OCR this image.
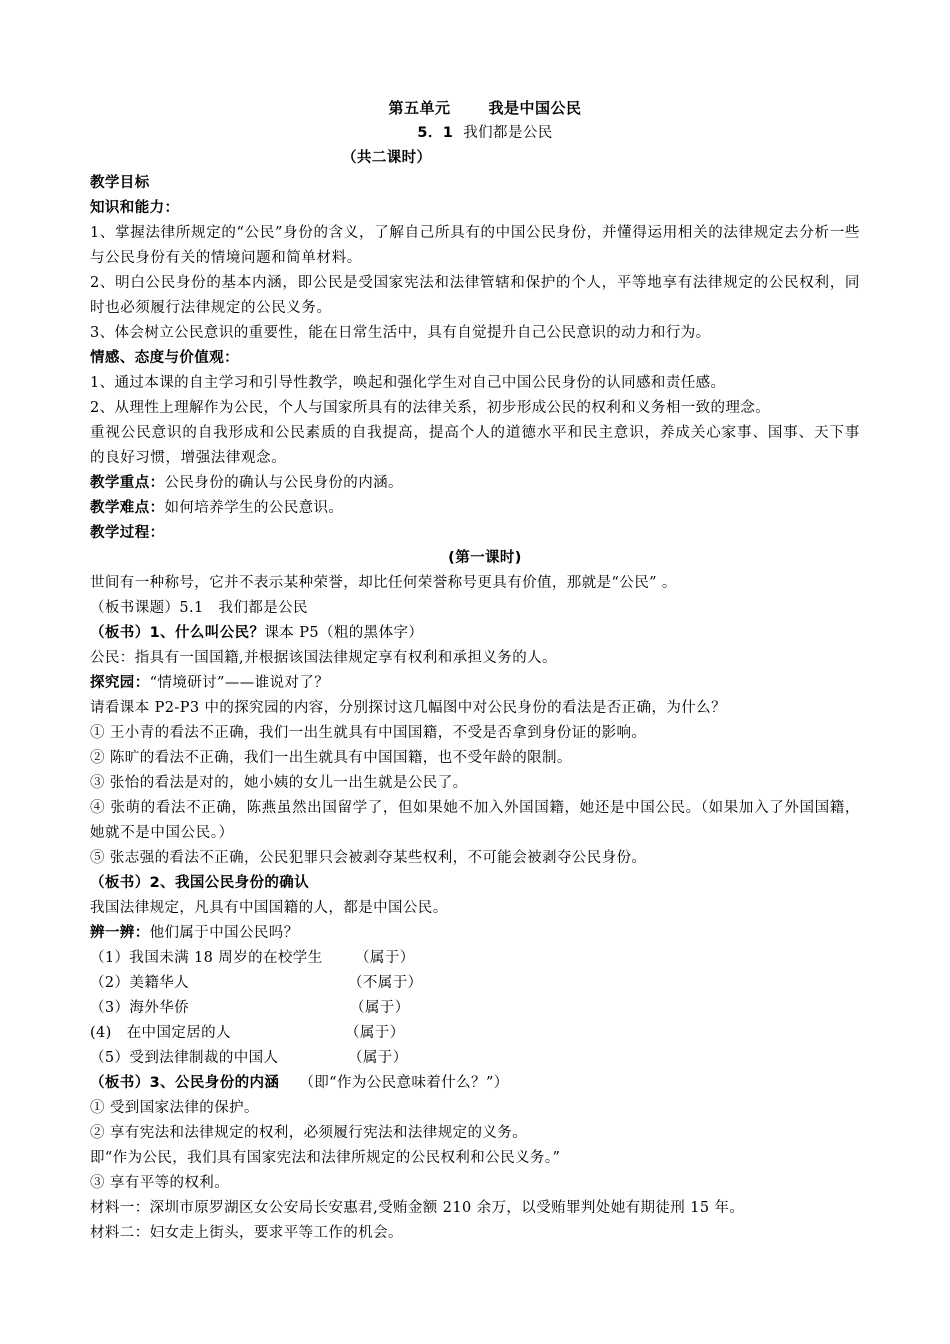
第五单元	我是中国公民
5．1 我们都是公民
（共二课时）
教学目标
知识和能力：
1、掌握法律所规定的“公民”身份的含义，了解自己所具有的中国公民身份，并懂得运用相关的法律规定去分析一些与公民身份有关的情境问题和简单材料。
2、明白公民身份的基本内涵，即公民是受国家宪法和法律管辖和保护的个人，平等地享有法律规定的公民权利，同时也必须履行法律规定的公民义务。
3、体会树立公民意识的重要性，能在日常生活中，具有自觉提升自己公民意识的动力和行为。
情感、态度与价值观：
1、通过本课的自主学习和引导性教学，唤起和强化学生对自己中国公民身份的认同感和责任感。
2、从理性上理解作为公民，个人与国家所具有的法律关系，初步形成公民的权利和义务相一致的理念。
重视公民意识的自我形成和公民素质的自我提高，提高个人的道德水平和民主意识，养成关心家事、国事、天下事的良好习惯，增强法律观念。
教学重点：公民身份的确认与公民身份的内涵。
教学难点：如何培养学生的公民意识。
教学过程：
(第一课时)
世间有一种称号，它并不表示某种荣誉，却比任何荣誉称号更具有价值，那就是“公民” 。
（板书课题）5.1　我们都是公民
（板书）1、什么叫公民？课本 P5（粗的黑体字）
公民：指具有一国国籍,并根据该国法律规定享有权利和承担义务的人。
探究园：“情境研讨”——谁说对了？
请看课本 P2-P3 中的探究园的内容，分别探讨这几幅图中对公民身份的看法是否正确，为什么？
① 王小青的看法不正确，我们一出生就具有中国国籍，不受是否拿到身份证的影响。
② 陈旷的看法不正确，我们一出生就具有中国国籍，也不受年龄的限制。
③ 张怡的看法是对的，她小姨的女儿一出生就是公民了。
④ 张萌的看法不正确，陈燕虽然出国留学了，但如果她不加入外国国籍，她还是中国公民。（如果加入了外国国籍，她就不是中国公民。）
⑤ 张志强的看法不正确，公民犯罪只会被剥夺某些权利，不可能会被剥夺公民身份。
（板书）2、我国公民身份的确认
我国法律规定，凡具有中国国籍的人，都是中国公民。
辨一辨：他们属于中国公民吗？
（1）我国未满 18 周岁的在校学生 （属于）
（2）美籍华人	（不属于）
（3）海外华侨	（属于）
(4)　在中国定居的人	（属于）
（5）受到法律制裁的中国人	（属于）
（板书）3、公民身份的内涵 （即“作为公民意味着什么？”）
① 受到国家法律的保护。
② 享有宪法和法律规定的权利，必须履行宪法和法律规定的义务。
即“作为公民，我们具有国家宪法和法律所规定的公民权利和公民义务。”
③ 享有平等的权利。
材料一：深圳市原罗湖区女公安局长安惠君,受贿金额 210 余万，以受贿罪判处她有期徒刑 15 年。
材料二：妇女走上街头，要求平等工作的机会。
